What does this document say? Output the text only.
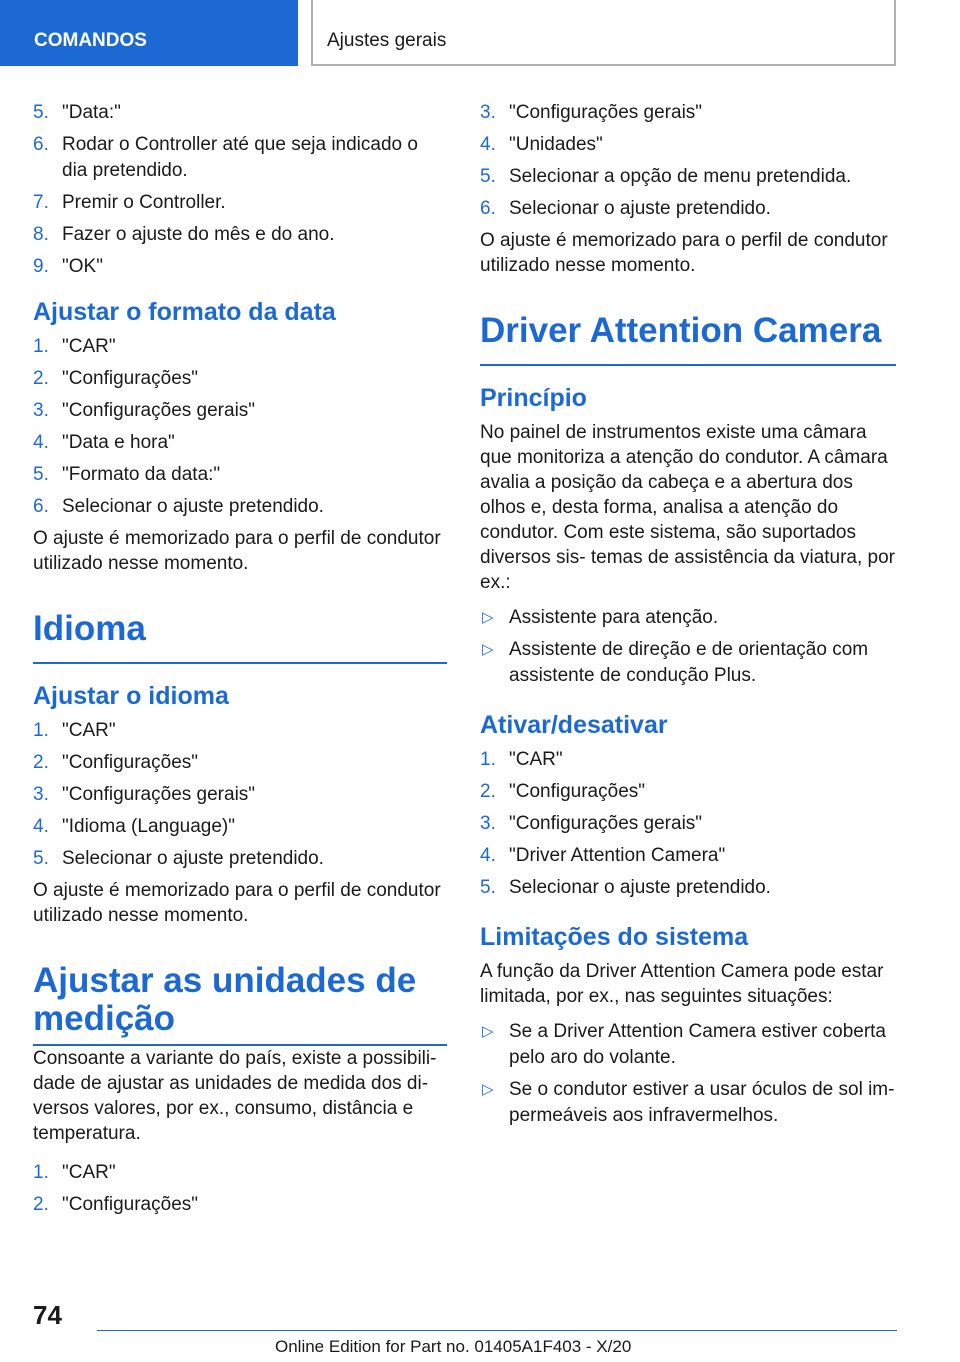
COMANDOS	Ajustes gerais
5. "Data:"
6. Rodar o Controller até que seja indicado o dia pretendido.
7. Premir o Controller.
8. Fazer o ajuste do mês e do ano.
9. "OK"
Ajustar o formato da data
1. "CAR"
2. "Configurações"
3. "Configurações gerais"
4. "Data e hora"
5. "Formato da data:"
6. Selecionar o ajuste pretendido.

O ajuste é memorizado para o perfil de condutor utilizado nesse momento.

Idioma
Ajustar o idioma
1. "CAR"
2. "Configurações"
3. "Configurações gerais"
4. "Idioma (Language)"
5. Selecionar o ajuste pretendido.

O ajuste é memorizado para o perfil de condutor utilizado nesse momento.

Ajustar as unidades de medição

Consoante a variante do país, existe a possibili- dade de ajustar as unidades de medida dos di- versos valores, por ex., consumo, distância e temperatura.

1. "CAR"
2. "Configurações"
3. "Configurações gerais"
4. "Unidades"
5. Selecionar a opção de menu pretendida.
6. Selecionar o ajuste pretendido.

O ajuste é memorizado para o perfil de condutor utilizado nesse momento.

Driver Attention Camera
Princípio

No painel de instrumentos existe uma câmara que monitoriza a atenção do condutor. A câmara avalia a posição da cabeça e a abertura dos olhos e, desta forma, analisa a atenção do condutor. Com este sistema, são suportados diversos sis- temas de assistência da viatura, por ex.:

▷ Assistente para atenção.
▷ Assistente de direção e de orientação com assistente de condução Plus.
Ativar/desativar
1. "CAR"
2. "Configurações"
3. "Configurações gerais"
4. "Driver Attention Camera"
5. Selecionar o ajuste pretendido.
Limitações do sistema

A função da Driver Attention Camera pode estar limitada, por ex., nas seguintes situações:

▷ Se a Driver Attention Camera estiver coberta pelo aro do volante.
▷ Se o condutor estiver a usar óculos de sol im- permeáveis aos infravermelhos.
74
Online Edition for Part no. 01405A1F403 - X/20
